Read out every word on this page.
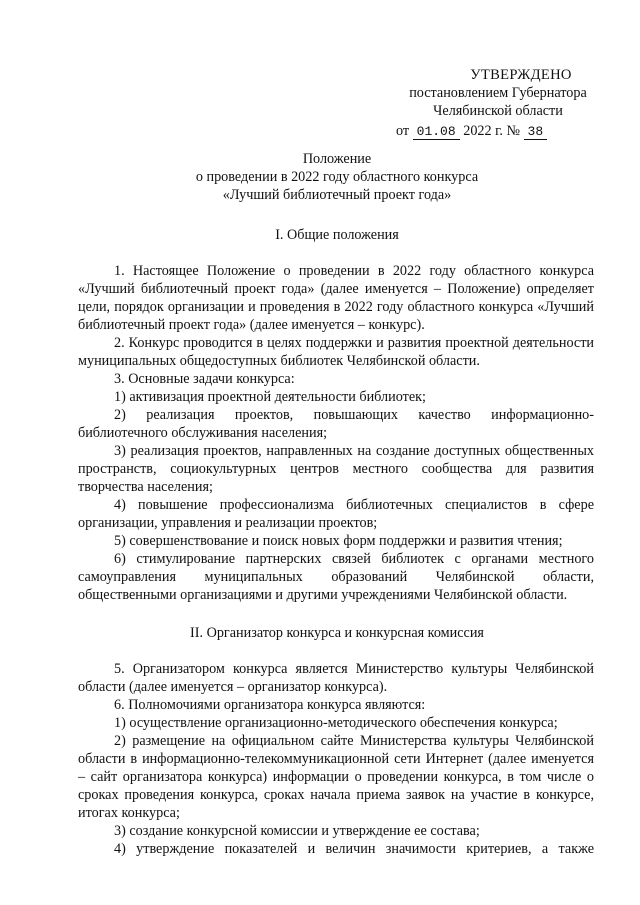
УТВЕРЖДЕНО
постановлением Губернатора
Челябинской области
от 01.08 2022 г. № 38
Положение
о проведении в 2022 году областного конкурса
«Лучший библиотечный проект года»
I. Общие положения

1. Настоящее Положение о проведении в 2022 году областного конкурса «Лучший библиотечный проект года» (далее именуется – Положение) определяет цели, порядок организации и проведения в 2022 году областного конкурса «Лучший библиотечный проект года» (далее именуется – конкурс).

2. Конкурс проводится в целях поддержки и развития проектной деятельности муниципальных общедоступных библиотек Челябинской области.

3. Основные задачи конкурса:

1) активизация проектной деятельности библиотек;

2) реализация проектов, повышающих качество информационно-библиотечного обслуживания населения;

3) реализация проектов, направленных на создание доступных общественных пространств, социокультурных центров местного сообщества для развития творчества населения;

4) повышение профессионализма библиотечных специалистов в сфере организации, управления и реализации проектов;

5) совершенствование и поиск новых форм поддержки и развития чтения;

6) стимулирование партнерских связей библиотек с органами местного самоуправления муниципальных образований Челябинской области, общественными организациями и другими учреждениями Челябинской области.

II. Организатор конкурса и конкурсная комиссия

5. Организатором конкурса является Министерство культуры Челябинской области (далее именуется – организатор конкурса).

6. Полномочиями организатора конкурса являются:

1) осуществление организационно-методического обеспечения конкурса;

2) размещение на официальном сайте Министерства культуры Челябинской области в информационно-телекоммуникационной сети Интернет (далее именуется – сайт организатора конкурса) информации о проведении конкурса, в том числе о сроках проведения конкурса, сроках начала приема заявок на участие в конкурсе, итогах конкурса;

3) создание конкурсной комиссии и утверждение ее состава;

4) утверждение показателей и величин значимости критериев, а также
